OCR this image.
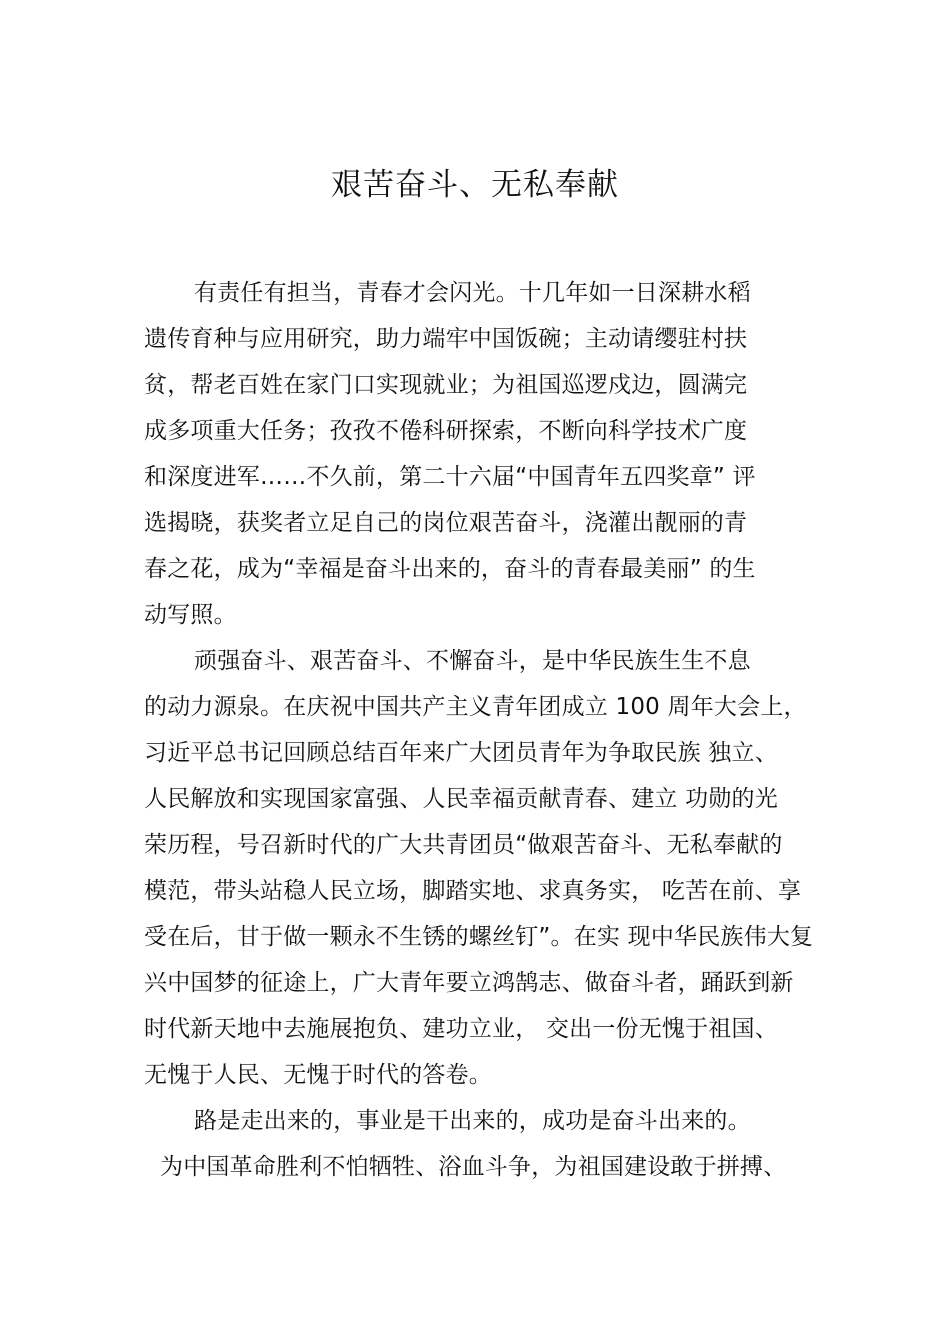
艰苦奋斗、无私奉献
有责任有担当，青春才会闪光。十几年如一日深耕水稻
遗传育种与应用研究，助力端牢中国饭碗；主动请缨驻村扶
贫，帮老百姓在家门口实现就业；为祖国巡逻戍边，圆满完
成多项重大任务；孜孜不倦科研探索，不断向科学技术广度
和深度进军……不久前，第二十六届“中国青年五四奖章” 评
选揭晓，获奖者立足自己的岗位艰苦奋斗，浇灌出靓丽的青
春之花，成为“幸福是奋斗出来的，奋斗的青春最美丽” 的生
动写照。
顽强奋斗、艰苦奋斗、不懈奋斗，是中华民族生生不息
的动力源泉。在庆祝中国共产主义青年团成立 100 周年大会上，
习近平总书记回顾总结百年来广大团员青年为争取民族 独立、
人民解放和实现国家富强、人民幸福贡献青春、建立 功勋的光
荣历程，号召新时代的广大共青团员“做艰苦奋斗、无私奉献的
模范，带头站稳人民立场，脚踏实地、求真务实， 吃苦在前、享
受在后，甘于做一颗永不生锈的螺丝钉”。在实 现中华民族伟大复
兴中国梦的征途上，广大青年要立鸿鹄志、做奋斗者，踊跃到新
时代新天地中去施展抱负、建功立业， 交出一份无愧于祖国、
无愧于人民、无愧于时代的答卷。
路是走出来的，事业是干出来的，成功是奋斗出来的。
为中国革命胜利不怕牺牲、浴血斗争，为祖国建设敢于拼搏、
